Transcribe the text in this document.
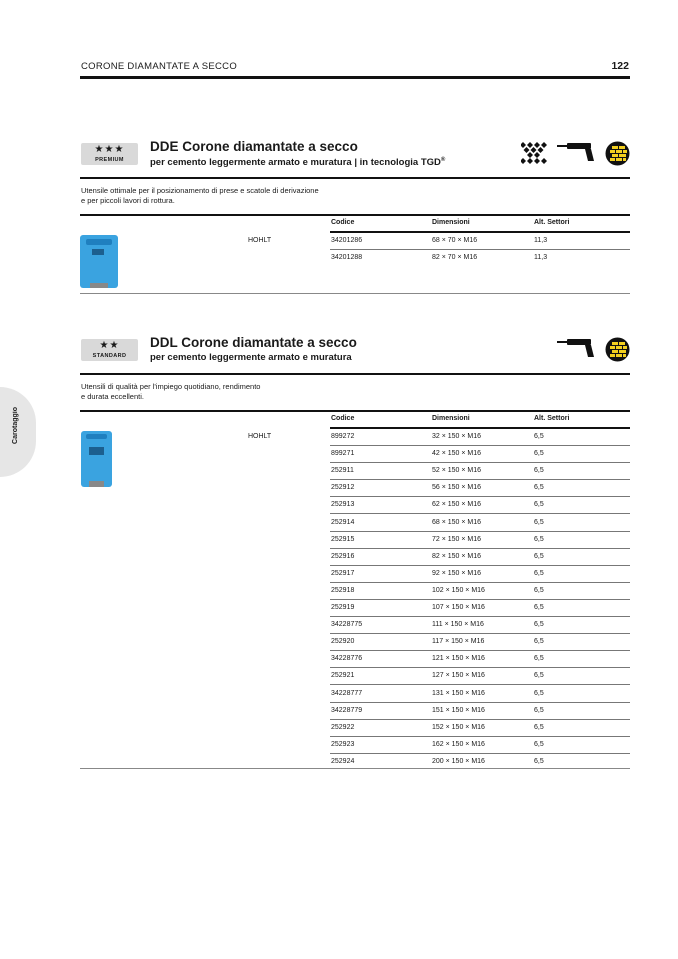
CORONE DIAMANTATE A SECCO	122
Carotaggio
★★★
PREMIUM
DDE Corone diamantate a secco
per cemento leggermente armato e muratura | in tecnologia TGD®
Utensile ottimale per il posizionamento di prese e scatole di derivazione
e per piccoli lavori di rottura.
Codice	Dimensioni	Alt. Settori
HOHLT	34201286	68 × 70 × M16	11,3
34201288	82 × 70 × M16	11,3
★★
STANDARD
DDL Corone diamantate a secco
per cemento leggermente armato e muratura
Utensili di qualità per l'impiego quotidiano, rendimento
e durata eccellenti.
Codice	Dimensioni	Alt. Settori
HOHLT	899272	32 × 150 × M16	6,5
899271	42 × 150 × M16	6,5
252911	52 × 150 × M16	6,5
252912	56 × 150 × M16	6,5
252913	62 × 150 × M16	6,5
252914	68 × 150 × M16	6,5
252915	72 × 150 × M16	6,5
252916	82 × 150 × M16	6,5
252917	92 × 150 × M16	6,5
252918	102 × 150 × M16	6,5
252919	107 × 150 × M16	6,5
34228775	111 × 150 × M16	6,5
252920	117 × 150 × M16	6,5
34228776	121 × 150 × M16	6,5
252921	127 × 150 × M16	6,5
34228777	131 × 150 × M16	6,5
34228779	151 × 150 × M16	6,5
252922	152 × 150 × M16	6,5
252923	162 × 150 × M16	6,5
252924	200 × 150 × M16	6,5
